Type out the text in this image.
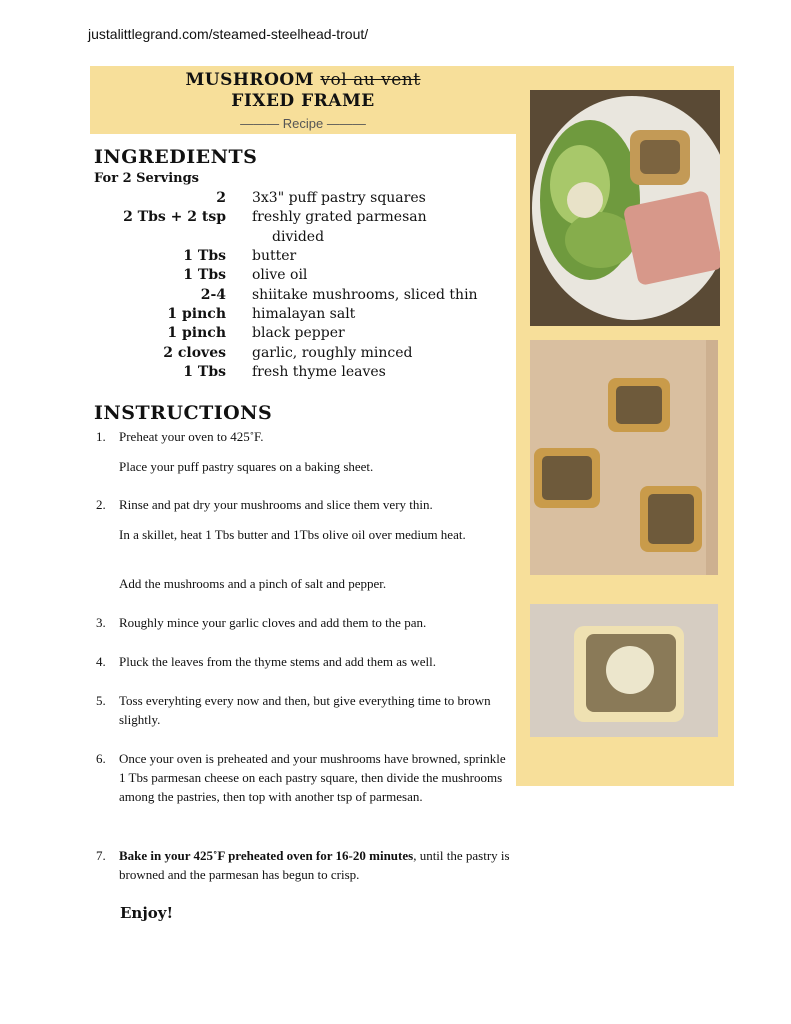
justalittlegrand.com/steamed-steelhead-trout/
MUSHROOM vol au vent
FIXED FRAME
——— Recipe ———
INGREDIENTS
For 2 Servings
2 3x3" puff pastry squares
2 Tbs + 2 tsp freshly grated parmesan
divided
1 Tbs butter
1 Tbs olive oil
2-4 shiitake mushrooms, sliced thin
1 pinch himalayan salt
1 pinch black pepper
2 cloves garlic, roughly minced
1 Tbs fresh thyme leaves
INSTRUCTIONS
1. Preheat your oven to 425˚F.
Place your puff pastry squares on a baking sheet.
2. Rinse and pat dry your mushrooms and slice them very thin.
In a skillet, heat 1 Tbs butter and 1Tbs olive oil over medium heat.
Add the mushrooms and a pinch of salt and pepper.
3. Roughly mince your garlic cloves and add them to the pan.
4. Pluck the leaves from the thyme stems and add them as well.
5. Toss everyhting every now and then, but give everything time to brown slightly.
6. Once your oven is preheated and your mushrooms have browned, sprinkle 1 Tbs parmesan cheese on each pastry square, then divide the mushrooms among the pastries, then top with another tsp of parmesan.
7. Bake in your 425˚F preheated oven for 16-20 minutes, until the pastry is browned and the parmesan has begun to crisp.
Enjoy!
